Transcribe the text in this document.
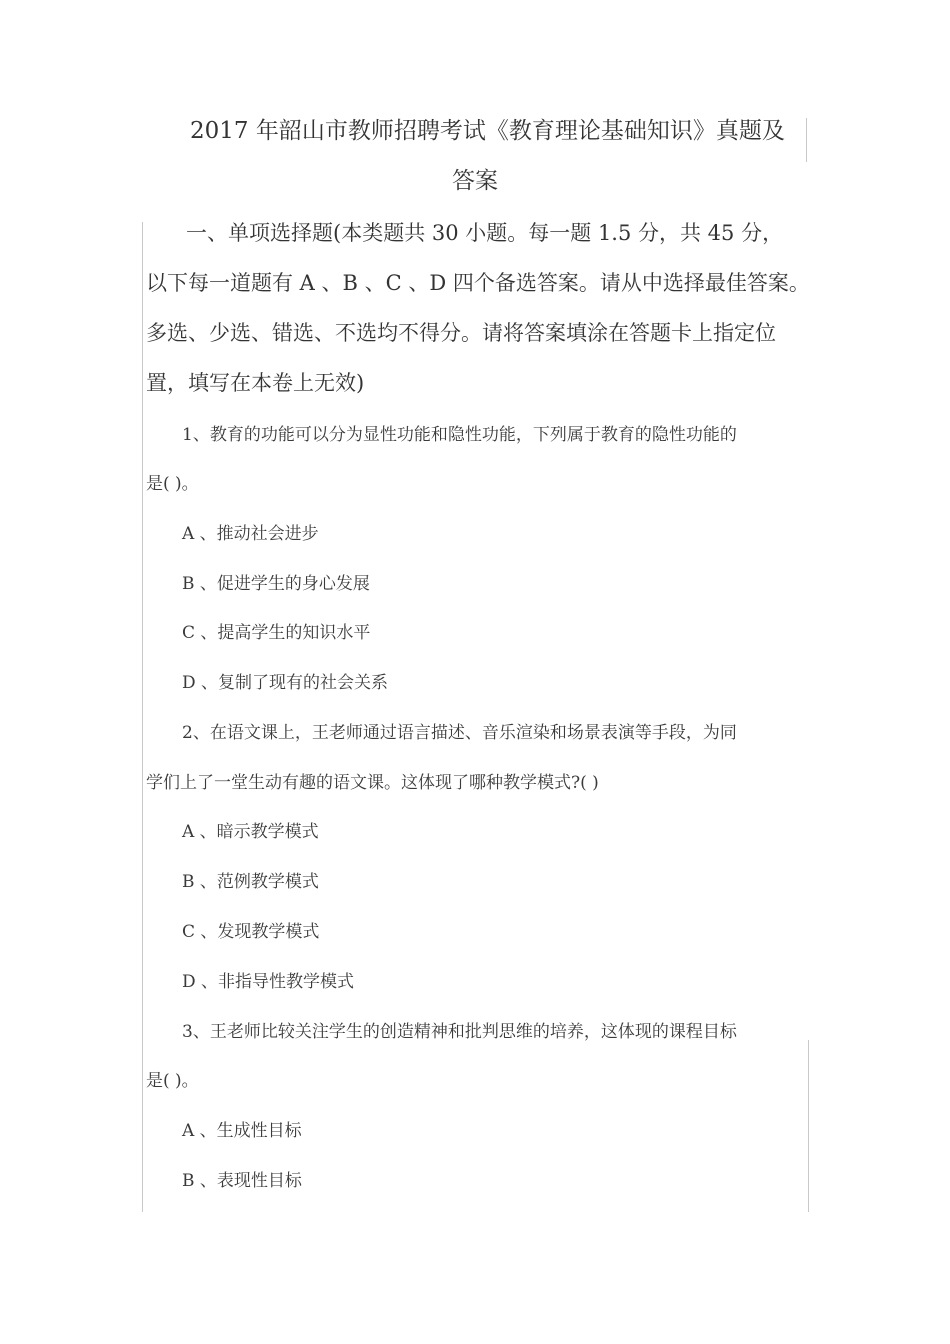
2017 年韶山市教师招聘考试《教育理论基础知识》真题及
答案
一、单项选择题(本类题共 30 小题。每一题 1.5 分，共 45 分，
以下每一道题有 A 、B 、C 、D 四个备选答案。请从中选择最佳答案。
多选、少选、错选、不选均不得分。请将答案填涂在答题卡上指定位
置，填写在本卷上无效)
1、教育的功能可以分为显性功能和隐性功能，下列属于教育的隐性功能的
是( )。
A 、推动社会进步
B 、促进学生的身心发展
C 、提高学生的知识水平
D 、复制了现有的社会关系
2、在语文课上，王老师通过语言描述、音乐渲染和场景表演等手段，为同
学们上了一堂生动有趣的语文课。这体现了哪种教学模式?( )
A 、暗示教学模式
B 、范例教学模式
C 、发现教学模式
D 、非指导性教学模式
3、王老师比较关注学生的创造精神和批判思维的培养，这体现的课程目标
是( )。
A 、生成性目标
B 、表现性目标
